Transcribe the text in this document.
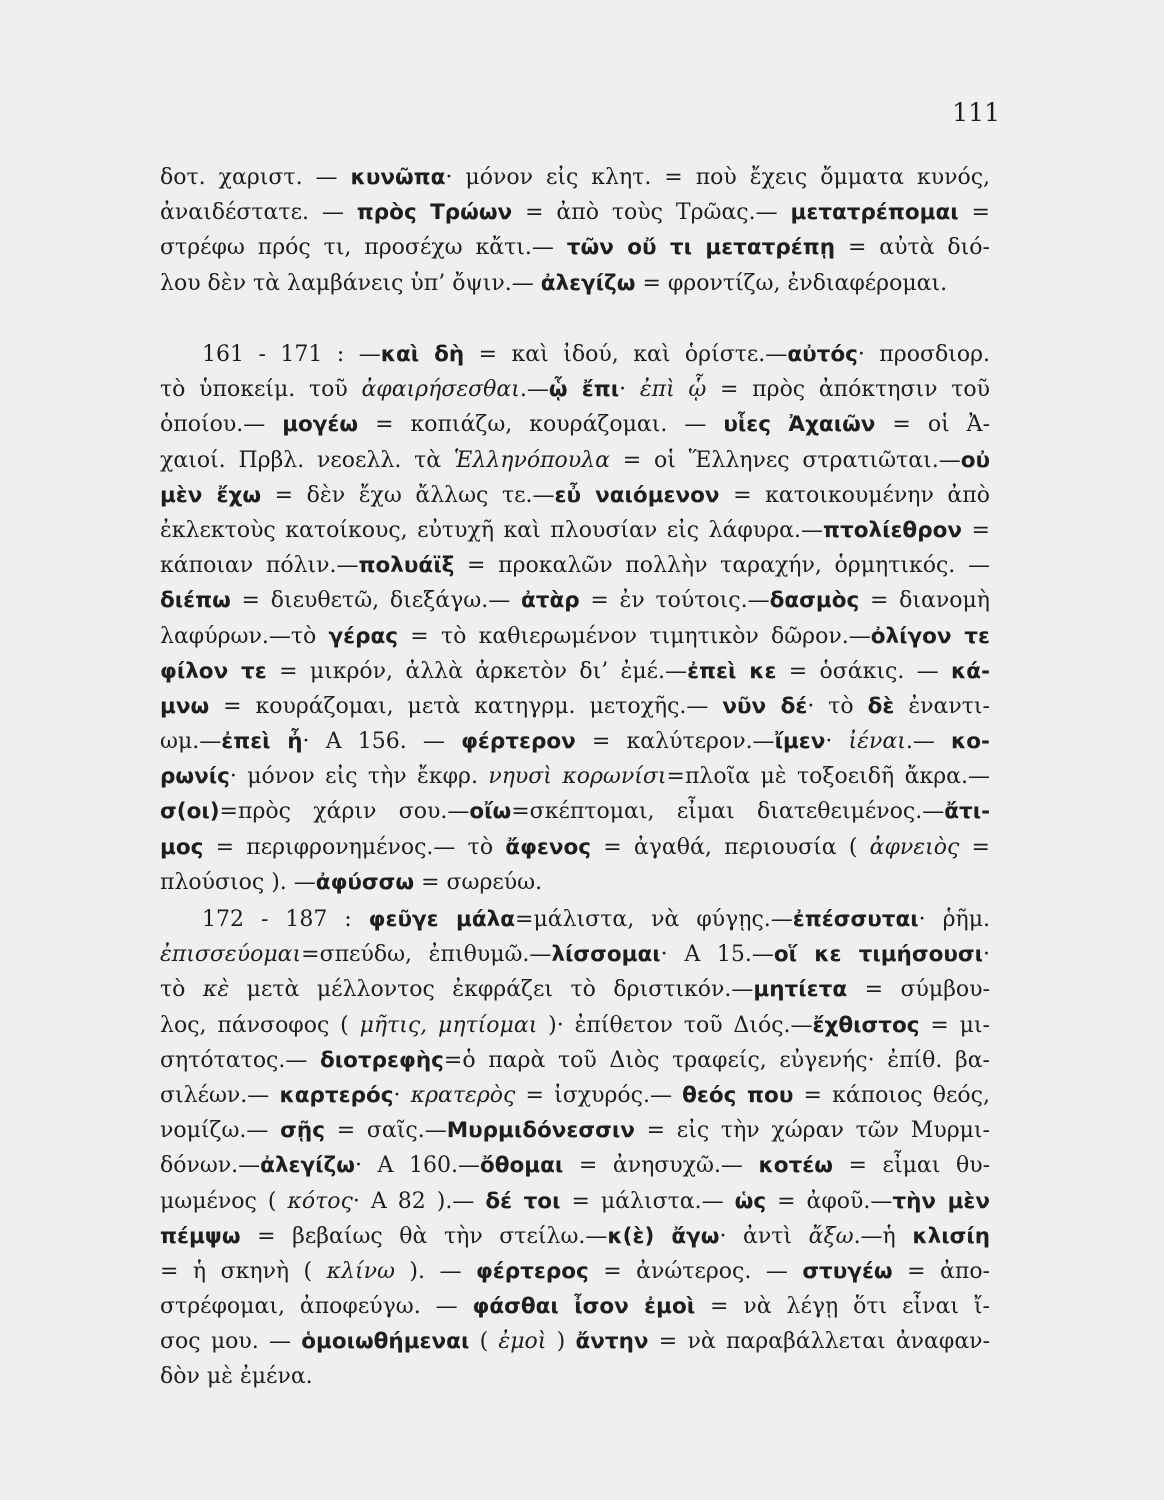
111
δοτ. χαριστ. — κυνῶπα· μόνον εἰς κλητ. = ποὺ ἔχεις ὄμματα κυνός,
ἀναιδέστατε. — πρὸς Τρώων = ἀπὸ τοὺς Τρῶας.— μετατρέπομαι =
στρέφω πρός τι, προσέχω κἄτι.— τῶν οὔ τι μετατρέπῃ = αὐτὰ διό-
λου δὲν τὰ λαμβάνεις ὑπ’ ὄψιν.— ἀλεγίζω = φροντίζω, ἐνδιαφέρομαι.
161 - 171 : —καὶ δὴ = καὶ ἰδού, καὶ ὁρίστε.—αὐτός· προσδιορ.
τὸ ὑποκείμ. τοῦ ἀφαιρήσεσθαι.—ᾧ ἔπι· ἐπὶ ᾧ = πρὸς ἀπόκτησιν τοῦ
ὁποίου.— μογέω = κοπιάζω, κουράζομαι. — υἷες Ἀχαιῶν = οἱ Ἀ-
χαιοί. Πρβλ. νεοελλ. τὰ Ἑλληνόπουλα = οἱ Ἕλληνες στρατιῶται.—οὐ
μὲν ἔχω = δὲν ἔχω ἄλλως τε.—εὖ ναιόμενον = κατοικουμένην ἀπὸ
ἐκλεκτοὺς κατοίκους, εὐτυχῆ καὶ πλουσίαν εἰς λάφυρα.—πτολίεθρον =
κάποιαν πόλιν.—πολυάϊξ = προκαλῶν πολλὴν ταραχήν, ὁρμητικός. —
διέπω = διευθετῶ, διεξάγω.— ἀτὰρ = ἐν τούτοις.—δασμὸς = διανομὴ
λαφύρων.—τὸ γέρας = τὸ καθιερωμένον τιμητικὸν δῶρον.—ὀλίγον τε
φίλον τε = μικρόν, ἀλλὰ ἀρκετὸν δι’ ἐμέ.—ἐπεὶ κε = ὁσάκις. — κά-
μνω = κουράζομαι, μετὰ κατηγρμ. μετοχῆς.— νῦν δέ· τὸ δὲ ἐναντι-
ωμ.—ἐπεὶ ἦ· Α 156. — φέρτερον = καλύτερον.—ἴμεν· ἰέναι.— κο-
ρωνίς· μόνον εἰς τὴν ἔκφρ. νηυσὶ κορωνίσι=πλοῖα μὲ τοξοειδῆ ἄκρα.—
σ(οι)=πρὸς χάριν σου.—οἴω=σκέπτομαι, εἶμαι διατεθειμένος.—ἄτι-
μος = περιφρονημένος.— τὸ ἄφενος = ἀγαθά, περιουσία ( ἀφνειὸς =
πλούσιος ). —ἀφύσσω = σωρεύω.
172 - 187 : φεῦγε μάλα=μάλιστα, νὰ φύγῃς.—ἐπέσσυται· ῥῆμ.
ἐπισσεύομαι=σπεύδω, ἐπιθυμῶ.—λίσσομαι· Α 15.—οἵ κε τιμήσουσι·
τὸ κὲ μετὰ μέλλοντος ἐκφράζει τὸ δριστικόν.—μητίετα = σύμβου-
λος, πάνσοφος ( μῆτις, μητίομαι )· ἐπίθετον τοῦ Διός.—ἔχθιστος = μι-
σητότατος.— διοτρεφὴς=ὁ παρὰ τοῦ Διὸς τραφείς, εὐγενής· ἐπίθ. βα-
σιλέων.— καρτερός· κρατερὸς = ἰσχυρός.— θεός που = κάποιος θεός,
νομίζω.— σῇς = σαῖς.—Μυρμιδόνεσσιν = εἰς τὴν χώραν τῶν Μυρμι-
δόνων.—ἀλεγίζω· Α 160.—ὄθομαι = ἀνησυχῶ.— κοτέω = εἶμαι θυ-
μωμένος ( κότος· Α 82 ).— δέ τοι = μάλιστα.— ὡς = ἀφοῦ.—τὴν μὲν
πέμψω = βεβαίως θὰ τὴν στείλω.—κ(ὲ) ἄγω· ἀντὶ ἄξω.—ἡ κλισίη
= ἡ σκηνὴ ( κλίνω ). — φέρτερος = ἀνώτερος. — στυγέω = ἀπο-
στρέφομαι, ἀποφεύγω. — φάσθαι ἶσον ἐμοὶ = νὰ λέγῃ ὅτι εἶναι ἴ-
σος μου. — ὁμοιωθήμεναι ( ἐμοὶ ) ἄντην = νὰ παραβάλλεται ἀναφαν-
δὸν μὲ ἐμένα.
